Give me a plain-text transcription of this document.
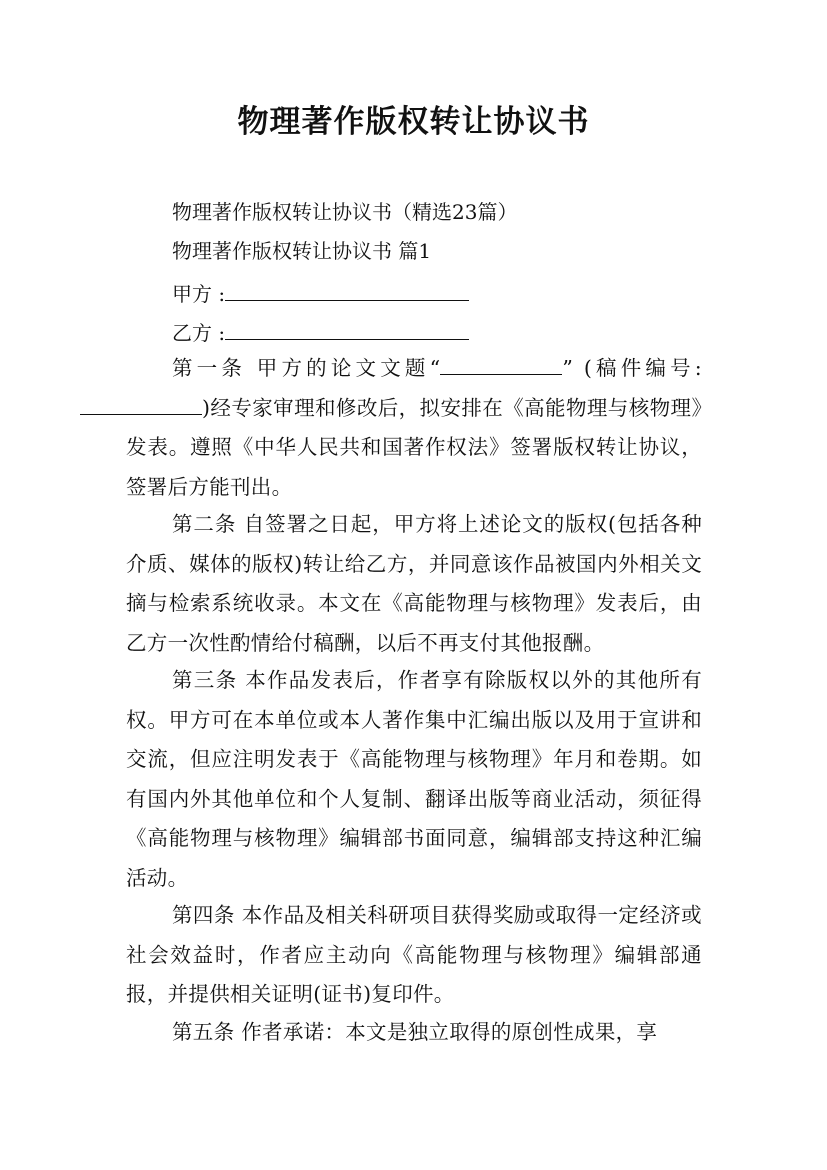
物理著作版权转让协议书
物理著作版权转让协议书（精选23篇）
物理著作版权转让协议书 篇1
甲方 :
乙方 :
第一条 甲方的论文文题“	” (稿件编号:)经专家审理和修改后，拟安排在《高能物理与核物理》发表。遵照《中华人民共和国著作权法》签署版权转让协议，签署后方能刊出。
第二条 自签署之日起，甲方将上述论文的版权(包括各种介质、媒体的版权)转让给乙方，并同意该作品被国内外相关文摘与检索系统收录。本文在《高能物理与核物理》发表后，由乙方一次性酌情给付稿酬，以后不再支付其他报酬。
第三条 本作品发表后，作者享有除版权以外的其他所有权。甲方可在本单位或本人著作集中汇编出版以及用于宣讲和交流，但应注明发表于《高能物理与核物理》年月和卷期。如有国内外其他单位和个人复制、翻译出版等商业活动，须征得《高能物理与核物理》编辑部书面同意，编辑部支持这种汇编活动。
第四条 本作品及相关科研项目获得奖励或取得一定经济或社会效益时，作者应主动向《高能物理与核物理》编辑部通报，并提供相关证明(证书)复印件。
第五条 作者承诺：本文是独立取得的原创性成果，享
